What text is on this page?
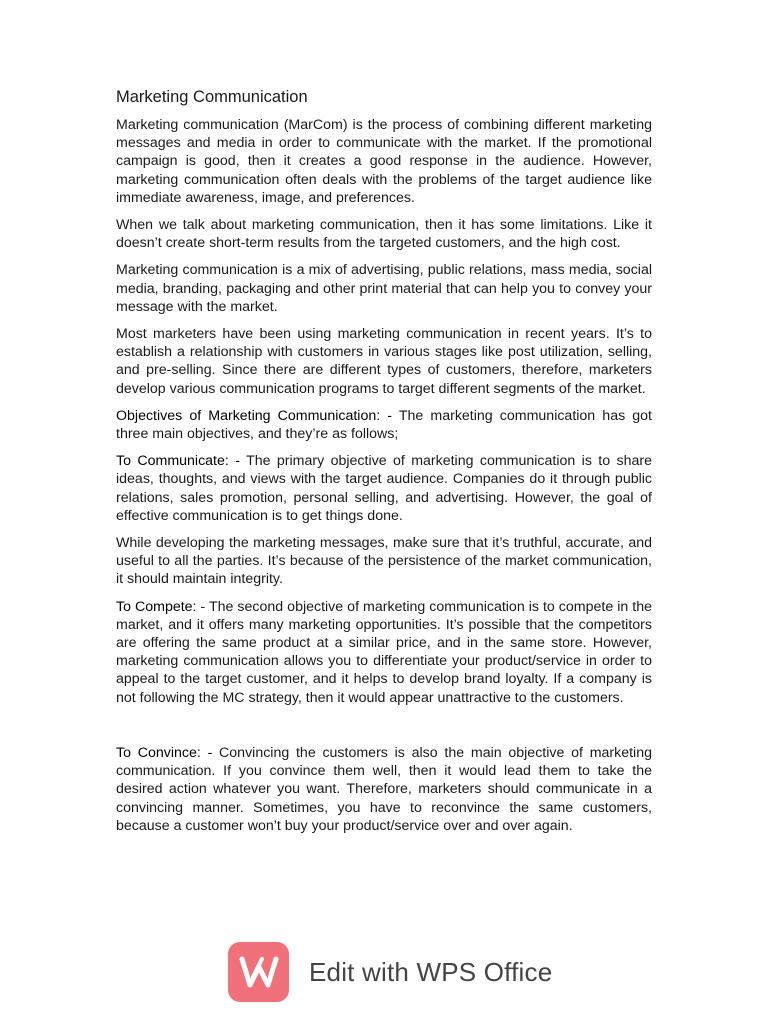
Marketing Communication

Marketing communication (MarCom) is the process of combining different marketing messages and media in order to communicate with the market. If the promotional campaign is good, then it creates a good response in the audience. However, marketing communication often deals with the problems of the target audience like immediate awareness, image, and preferences.

When we talk about marketing communication, then it has some limitations. Like it doesn’t create short-term results from the targeted customers, and the high cost.

Marketing communication is a mix of advertising, public relations, mass media, social media, branding, packaging and other print material that can help you to convey your message with the market.

Most marketers have been using marketing communication in recent years. It’s to establish a relationship with customers in various stages like post utilization, selling, and pre-selling. Since there are different types of customers, therefore, marketers develop various communication programs to target different segments of the market.

Objectives of Marketing Communication: - The marketing communication has got three main objectives, and they’re as follows;

To Communicate: - The primary objective of marketing communication is to share ideas, thoughts, and views with the target audience. Companies do it through public relations, sales promotion, personal selling, and advertising. However, the goal of effective communication is to get things done.

While developing the marketing messages, make sure that it’s truthful, accurate, and useful to all the parties. It’s because of the persistence of the market communication, it should maintain integrity.

To Compete: - The second objective of marketing communication is to compete in the market, and it offers many marketing opportunities. It’s possible that the competitors are offering the same product at a similar price, and in the same store. However, marketing communication allows you to differentiate your product/service in order to appeal to the target customer, and it helps to develop brand loyalty. If a company is not following the MC strategy, then it would appear unattractive to the customers.

To Convince: - Convincing the customers is also the main objective of marketing communication. If you convince them well, then it would lead them to take the desired action whatever you want. Therefore, marketers should communicate in a convincing manner. Sometimes, you have to reconvince the same customers, because a customer won’t buy your product/service over and over again.

Edit with WPS Office
